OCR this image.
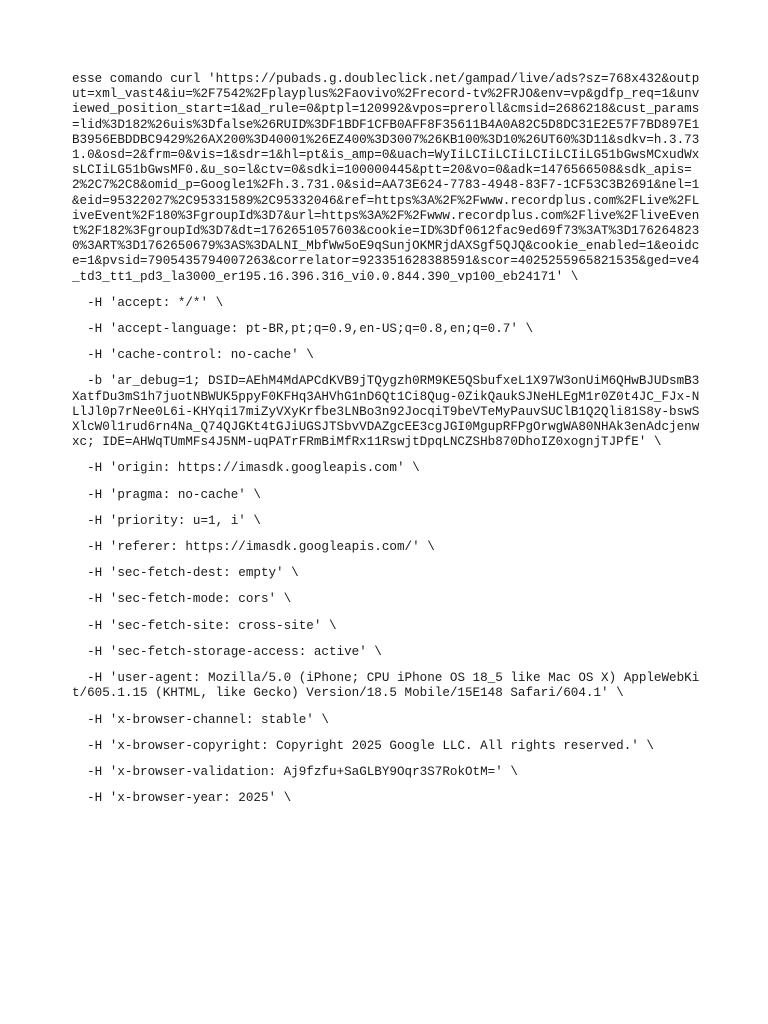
esse comando curl 'https://pubads.g.doubleclick.net/gampad/live/ads?sz=768x432&output=xml_vast4&iu=%2F7542%2Fplayplus%2Faovivo%2Frecord-tv%2FRJO&env=vp&gdfp_req=1&unviewed_position_start=1&ad_rule=0&ptpl=120992&vpos=preroll&cmsid=2686218&cust_params=lid%3D182%26uis%3Dfalse%26RUID%3DF1BDF1CFB0AFF8F35611B4A0A82C5D8DC31E2E57F7BD897E1B3956EBDDBC9429%26AX200%3D40001%26EZ400%3D3007%26KB100%3D10%26UT60%3D11&sdkv=h.3.731.0&osd=2&frm=0&vis=1&sdr=1&hl=pt&is_amp=0&uach=WyIiLCIiLCIiLCIiLCIiLG51bGwsMCxudWxsLCIiLG51bGwsMF0.&u_so=l&ctv=0&sdki=100000445&ptt=20&vo=0&adk=1476566508&sdk_apis=2%2C7%2C8&omid_p=Google1%2Fh.3.731.0&sid=AA73E624-7783-4948-83F7-1CF53C3B2691&nel=1&eid=95322027%2C95331589%2C95332046&ref=https%3A%2F%2Fwww.recordplus.com%2FLive%2FLiveEvent%2F180%3FgroupId%3D7&url=https%3A%2F%2Fwww.recordplus.com%2Flive%2FliveEvent%2F182%3FgroupId%3D7&dt=1762651057603&cookie=ID%3Df0612fac9ed69f73%3AT%3D1762648230%3ART%3D1762650679%3AS%3DALNI_MbfWw5oE9qSunjOKMRjdAXSgf5QJQ&cookie_enabled=1&eoidce=1&pvsid=7905435794007263&correlator=923351628388591&scor=4025255965821535&ged=ve4_td3_tt1_pd3_la3000_er195.16.396.316_vi0.0.844.390_vp100_eb24171' \

-H 'accept: */*' \

-H 'accept-language: pt-BR,pt;q=0.9,en-US;q=0.8,en;q=0.7' \

-H 'cache-control: no-cache' \

-b 'ar_debug=1; DSID=AEhM4MdAPCdKVB9jTQygzh0RM9KE5QSbufxeL1X97W3onUiM6QHwBJUDsmB3XatfDu3mS1h7juotNBWUK5ppyF0KFHq3AHVhG1nD6Qt1Ci8Qug-0ZikQaukSJNeHLEgM1r0Z0t4JC_FJx-NLlJl0p7rNee0L6i-KHYqi17miZyVXyKrfbe3LNBo3n92JocqiT9beVTeMyPauvSUClB1Q2Qli81S8y-bswSXlcW0l1rud6rn4Na_Q74QJGKt4tGJiUGSJTSbvVDAZgcEE3cgJGI0MgupRFPgOrwgWA80NHAk3enAdcjenwxc; IDE=AHWqTUmMFs4J5NM-uqPATrFRmBiMfRx11RswjtDpqLNCZSHb870DhoIZ0xognjTJPfE' \

-H 'origin: https://imasdk.googleapis.com' \

-H 'pragma: no-cache' \

-H 'priority: u=1, i' \

-H 'referer: https://imasdk.googleapis.com/' \

-H 'sec-fetch-dest: empty' \

-H 'sec-fetch-mode: cors' \

-H 'sec-fetch-site: cross-site' \

-H 'sec-fetch-storage-access: active' \

-H 'user-agent: Mozilla/5.0 (iPhone; CPU iPhone OS 18_5 like Mac OS X) AppleWebKit/605.1.15 (KHTML, like Gecko) Version/18.5 Mobile/15E148 Safari/604.1' \

-H 'x-browser-channel: stable' \

-H 'x-browser-copyright: Copyright 2025 Google LLC. All rights reserved.' \

-H 'x-browser-validation: Aj9fzfu+SaGLBY9Oqr3S7RokOtM=' \

-H 'x-browser-year: 2025' \
